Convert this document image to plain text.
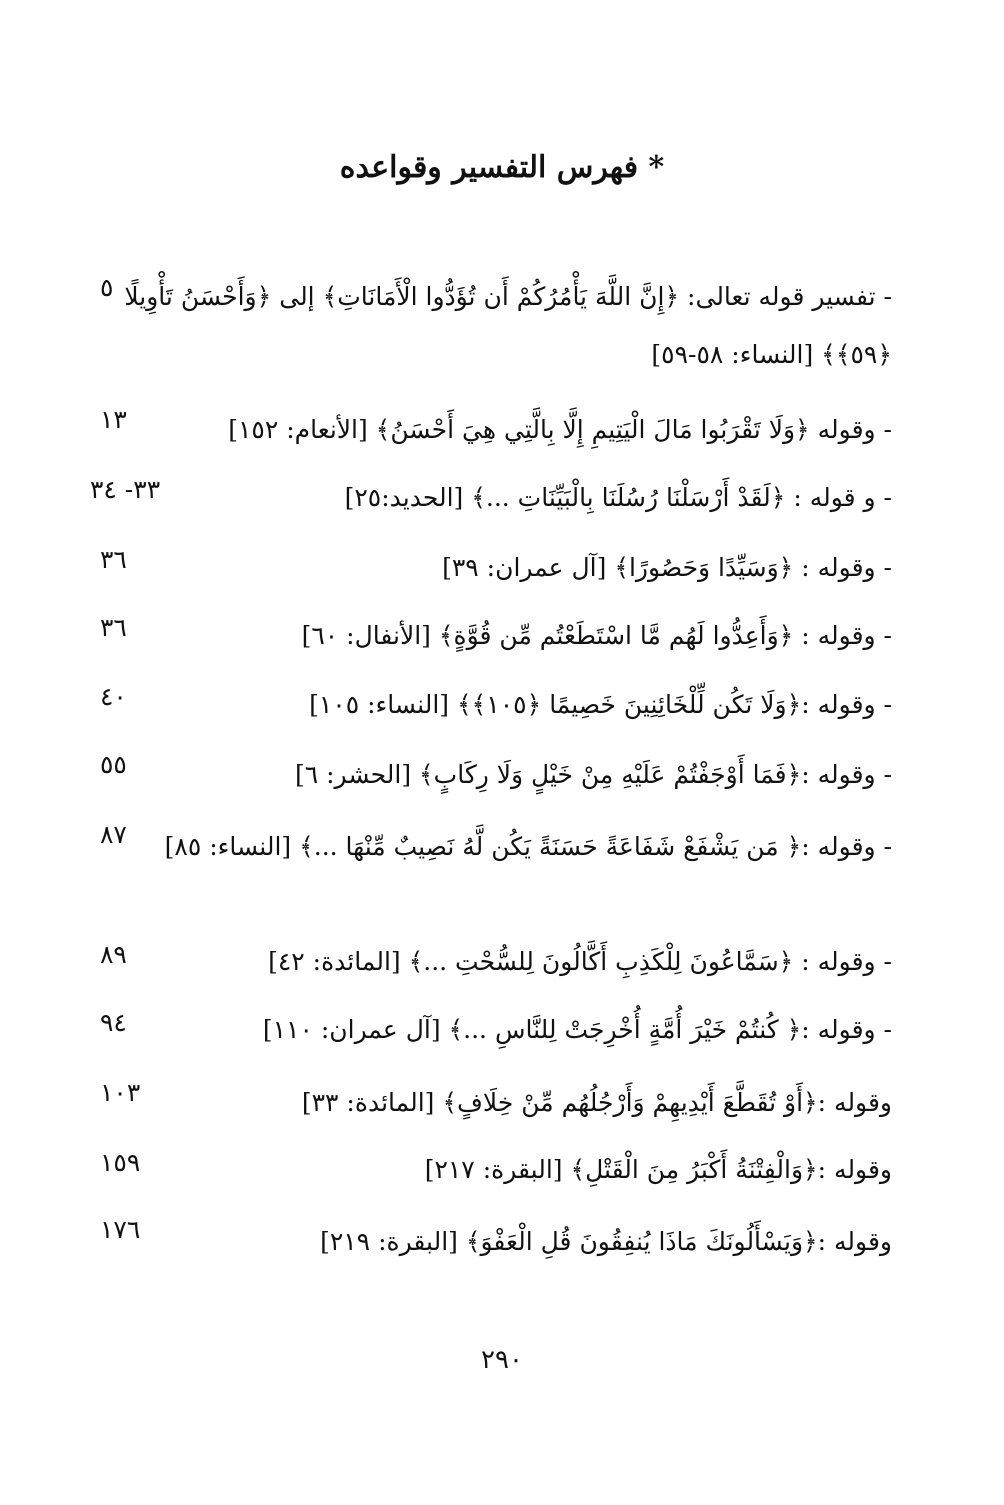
* فهرس التفسير وقواعده
- تفسير قوله تعالى: ﴿إِنَّ اللَّهَ يَأْمُرُكُمْ أَن تُؤَدُّوا الْأَمَانَاتِ﴾ إلى ﴿وَأَحْسَنُ تَأْوِيلًا ﴿٥٩﴾﴾ [النساء: ٥٨-٥٩]
٥
- وقوله ﴿وَلَا تَقْرَبُوا مَالَ الْيَتِيمِ إِلَّا بِالَّتِي هِيَ أَحْسَنُ﴾ [الأنعام: ١٥٢]
١٣
- و قوله : ﴿لَقَدْ أَرْسَلْنَا رُسُلَنَا بِالْبَيِّنَاتِ ...﴾ [الحديد:٢٥]
٣٣- ٣٤
- وقوله : ﴿وَسَيِّدًا وَحَصُورًا﴾ [آل عمران: ٣٩]
٣٦
- وقوله : ﴿وَأَعِدُّوا لَهُم مَّا اسْتَطَعْتُم مِّن قُوَّةٍ﴾ [الأنفال: ٦٠]
٣٦
- وقوله :﴿وَلَا تَكُن لِّلْخَائِنِينَ خَصِيمًا ﴿١٠٥﴾﴾ [النساء: ١٠٥]
٤٠
- وقوله :﴿فَمَا أَوْجَفْتُمْ عَلَيْهِ مِنْ خَيْلٍ وَلَا رِكَابٍ﴾ [الحشر: ٦]
٥٥
- وقوله :﴿ مَن يَشْفَعْ شَفَاعَةً حَسَنَةً يَكُن لَّهُ نَصِيبٌ مِّنْهَا ...﴾ [النساء: ٨٥]
٨٧
- وقوله : ﴿سَمَّاعُونَ لِلْكَذِبِ أَكَّالُونَ لِلسُّحْتِ ...﴾ [المائدة: ٤٢]
٨٩
- وقوله :﴿ كُنتُمْ خَيْرَ أُمَّةٍ أُخْرِجَتْ لِلنَّاسِ ...﴾ [آل عمران: ١١٠]
٩٤
وقوله :﴿أَوْ تُقَطَّعَ أَيْدِيهِمْ وَأَرْجُلُهُم مِّنْ خِلَافٍ﴾ [المائدة: ٣٣]
١٠٣
وقوله :﴿وَالْفِتْنَةُ أَكْبَرُ مِنَ الْقَتْلِ﴾ [البقرة: ٢١٧]
١٥٩
وقوله :﴿وَيَسْأَلُونَكَ مَاذَا يُنفِقُونَ قُلِ الْعَفْوَ﴾ [البقرة: ٢١٩]
١٧٦
٢٩٠
